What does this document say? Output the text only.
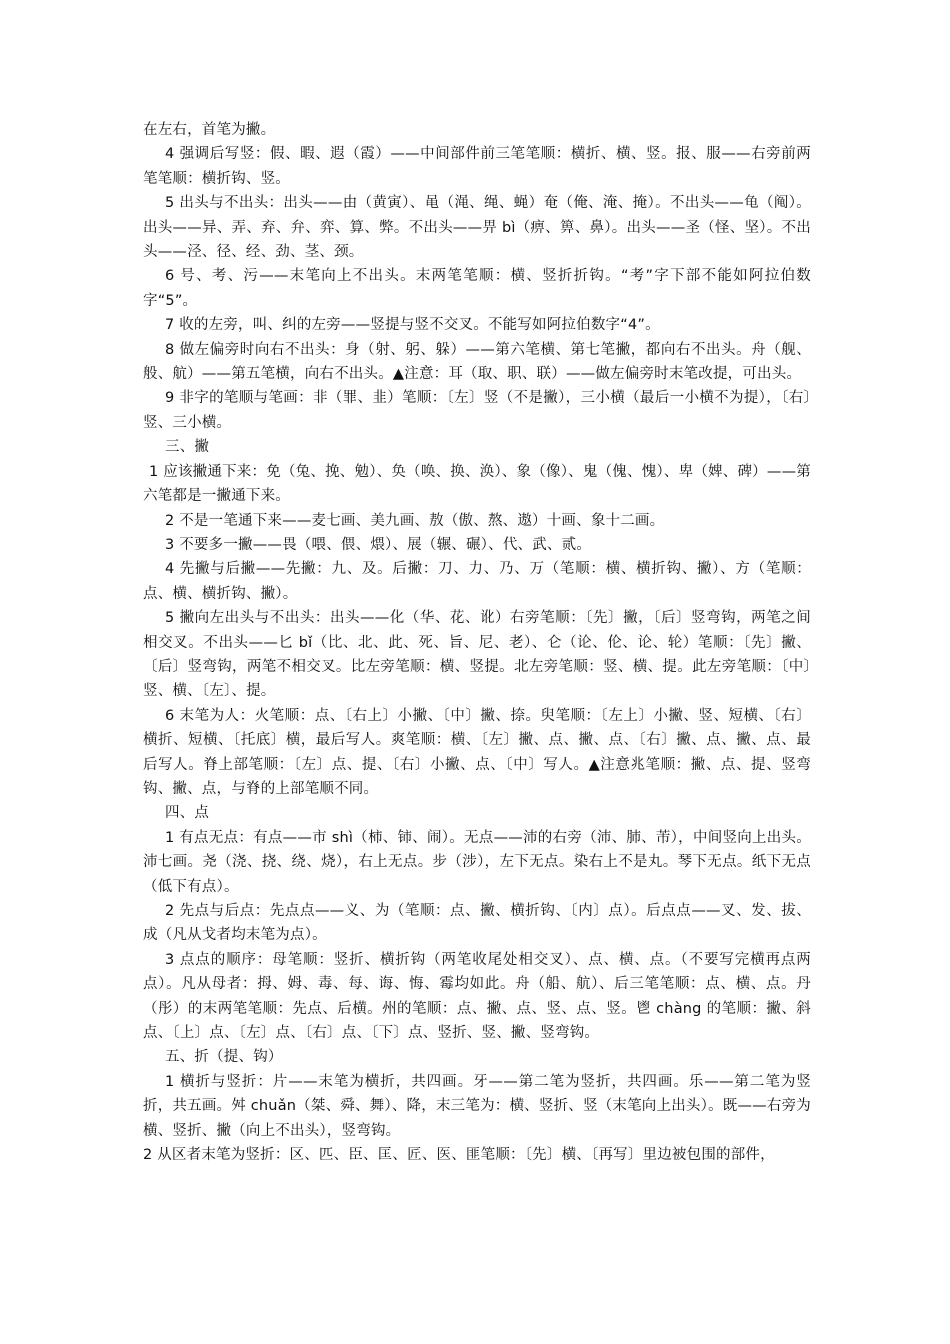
在左右，首笔为撇。

4 强调后写竖：假、暇、遐（霞）——中间部件前三笔笔顺：横折、横、竖。报、服——右旁前两笔笔顺：横折钩、竖。

5 出头与不出头：出头——由（黄寅）、黾（渑、绳、蝇）奄（俺、淹、掩）。不出头——龟（阄）。出头——异、弄、弃、弁、弈、算、弊。不出头——畀 bì（痹、箅、鼻）。出头——圣（怪、坚）。不出头——泾、径、经、劲、茎、颈。

6 号、考、污——末笔向上不出头。末两笔笔顺：横、竖折折钩。“考”字下部不能如阿拉伯数字“5”。

7 收的左旁，叫、纠的左旁——竖提与竖不交叉。不能写如阿拉伯数字“4”。

8 做左偏旁时向右不出头：身（射、躬、躲）——第六笔横、第七笔撇，都向右不出头。舟（舰、般、航）——第五笔横，向右不出头。▲注意：耳（取、职、联）——做左偏旁时末笔改提，可出头。

9 非字的笔顺与笔画：非（罪、韭）笔顺：〔左〕竖（不是撇），三小横（最后一小横不为提），〔右〕竖、三小横。

三、撇

1 应该撇通下来：免（兔、挽、勉）、奂（唤、换、涣）、象（像）、鬼（傀、愧）、卑（婢、碑）——第六笔都是一撇通下来。

2 不是一笔通下来——麦七画、美九画、敖（傲、熬、遨）十画、象十二画。

3 不要多一撇——畏（喂、偎、煨）、展（辗、碾）、代、武、贰。

4 先撇与后撇——先撇：九、及。后撇：刀、力、乃、万（笔顺：横、横折钩、撇）、方（笔顺：点、横、横折钩、撇）。

5 撇向左出头与不出头：出头——化（华、花、讹）右旁笔顺：〔先〕撇，〔后〕竖弯钩，两笔之间相交叉。不出头——匕 bǐ（比、北、此、死、旨、尼、老）、仑（论、伦、论、轮）笔顺：〔先〕撇、〔后〕竖弯钩，两笔不相交叉。比左旁笔顺：横、竖提。北左旁笔顺：竖、横、提。此左旁笔顺：〔中〕竖、横、〔左〕、提。

6 末笔为人：火笔顺：点、〔右上〕小撇、〔中〕撇、捺。臾笔顺：〔左上〕小撇、竖、短横、〔右〕横折、短横、〔托底〕横，最后写人。爽笔顺：横、〔左〕撇、点、撇、点、〔右〕撇、点、撇、点、最后写人。脊上部笔顺：〔左〕点、提、〔右〕小撇、点、〔中〕写人。▲注意兆笔顺：撇、点、提、竖弯钩、撇、点，与脊的上部笔顺不同。

四、点

1 有点无点：有点——市 shì（柿、铈、闹）。无点——沛的右旁（沛、肺、芾），中间竖向上出头。沛七画。尧（浇、挠、绕、烧），右上无点。步（涉），左下无点。染右上不是丸。琴下无点。纸下无点（低下有点）。

2 先点与后点：先点点——义、为（笔顺：点、撇、横折钩、〔内〕点）。后点点——叉、发、拔、成（凡从戈者均末笔为点）。

3 点点的顺序：母笔顺：竖折、横折钩（两笔收尾处相交叉）、点、横、点。（不要写完横再点两点）。凡从母者：拇、姆、毒、每、诲、悔、霉均如此。舟（船、航）、后三笔笔顺：点、横、点。丹（彤）的末两笔笔顺：先点、后横。州的笔顺：点、撇、点、竖、点、竖。鬯 chàng 的笔顺：撇、斜点、〔上〕点、〔左〕点、〔右〕点、〔下〕点、竖折、竖、撇、竖弯钩。

五、折（提、钩）

1 横折与竖折：片——末笔为横折，共四画。牙——第二笔为竖折，共四画。乐——第二笔为竖折，共五画。舛 chuǎn（桀、舜、舞）、降，末三笔为：横、竖折、竖（末笔向上出头）。既——右旁为横、竖折、撇（向上不出头），竖弯钩。

2 从区者末笔为竖折：区、匹、臣、匡、匠、医、匪笔顺：〔先〕横、〔再写〕里边被包围的部件，
